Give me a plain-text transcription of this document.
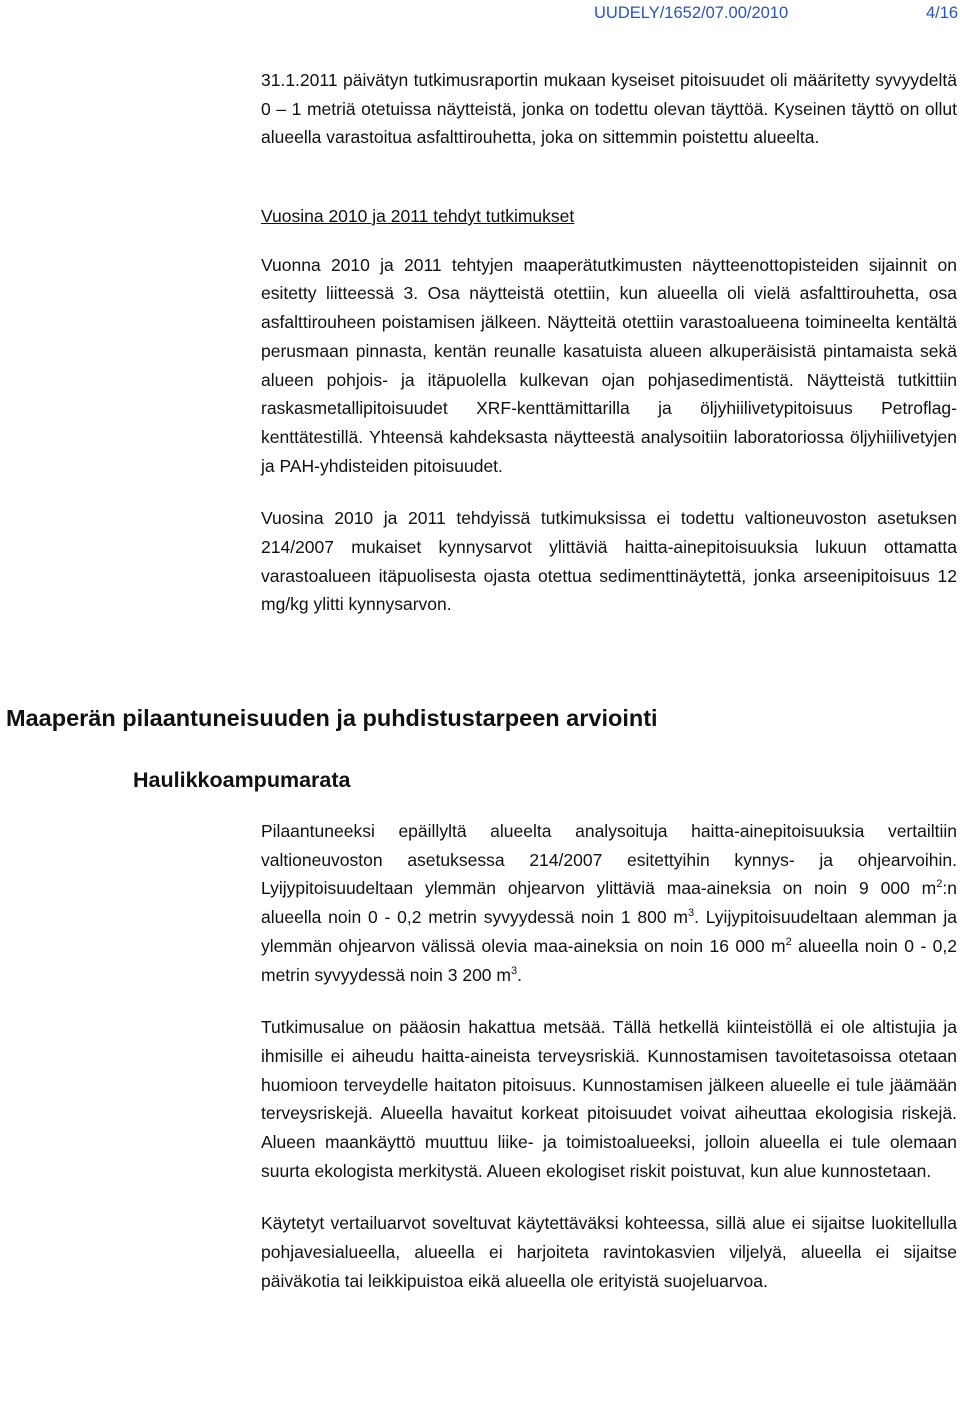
UUDELY/1652/07.00/2010	4/16

31.1.2011 päivätyn tutkimusraportin mukaan kyseiset pitoisuudet oli määritetty syvyydeltä 0 – 1 metriä otetuissa näytteistä, jonka on todettu olevan täyttöä. Kyseinen täyttö on ollut alueella varastoitua asfalttirouhetta, joka on sittemmin poistettu alueelta.

Vuosina 2010 ja 2011 tehdyt tutkimukset

Vuonna 2010 ja 2011 tehtyjen maaperätutkimusten näytteenottopisteiden sijainnit on esitetty liitteessä 3. Osa näytteistä otettiin, kun alueella oli vielä asfalttirouhetta, osa asfalttirouheen poistamisen jälkeen. Näytteitä otettiin varastoalueena toimineelta kentältä perusmaan pinnasta, kentän reunalle kasatuista alueen alkuperäisistä pintamaista sekä alueen pohjois- ja itäpuolella kulkevan ojan pohjasedimentistä. Näytteistä tutkittiin raskasmetallipitoisuudet XRF-kenttämittarilla ja öljyhiilivetypitoisuus Petroflag-kenttätestillä. Yhteensä kahdeksasta näytteestä analysoitiin laboratoriossa öljyhiilivetyjen ja PAH-yhdisteiden pitoisuudet.

Vuosina 2010 ja 2011 tehdyissä tutkimuksissa ei todettu valtioneuvoston asetuksen 214/2007 mukaiset kynnysarvot ylittäviä haitta-ainepitoisuuksia lukuun ottamatta varastoalueen itäpuolisesta ojasta otettua sedimenttinäytettä, jonka arseenipitoisuus 12 mg/kg ylitti kynnysarvon.

Maaperän pilaantuneisuuden ja puhdistustarpeen arviointi
Haulikkoampumarata

Pilaantuneeksi epäillyltä alueelta analysoituja haitta-ainepitoisuuksia vertailtiin valtioneuvoston asetuksessa 214/2007 esitettyihin kynnys- ja ohjearvoihin. Lyijypitoisuudeltaan ylemmän ohjearvon ylittäviä maa-aineksia on noin 9 000 $m^2:n$ alueella noin 0 - 0,2 metrin syvyydessä noin 1 800 $m^3$. Lyijypitoisuudeltaan alemman ja ylemmän ohjearvon välissä olevia maa-aineksia on noin 16 000 $m^2$ alueella noin 0 - 0,2 metrin syvyydessä noin 3 200 $m^3$.

Tutkimusalue on pääosin hakattua metsää. Tällä hetkellä kiinteistöllä ei ole altistujia ja ihmisille ei aiheudu haitta-aineista terveysriskiä. Kunnostamisen tavoitetasoissa otetaan huomioon terveydelle haitaton pitoisuus. Kunnostamisen jälkeen alueelle ei tule jäämään terveysriskejä. Alueella havaitut korkeat pitoisuudet voivat aiheuttaa ekologisia riskejä. Alueen maankäyttö muuttuu liike- ja toimistoalueeksi, jolloin alueella ei tule olemaan suurta ekologista merkitystä. Alueen ekologiset riskit poistuvat, kun alue kunnostetaan.

Käytetyt vertailuarvot soveltuvat käytettäväksi kohteessa, sillä alue ei sijaitse luokitellulla pohjavesialueella, alueella ei harjoiteta ravintokasvien viljelyä, alueella ei sijaitse päiväkotia tai leikkipuistoa eikä alueella ole erityistä suojeluarvoa.
